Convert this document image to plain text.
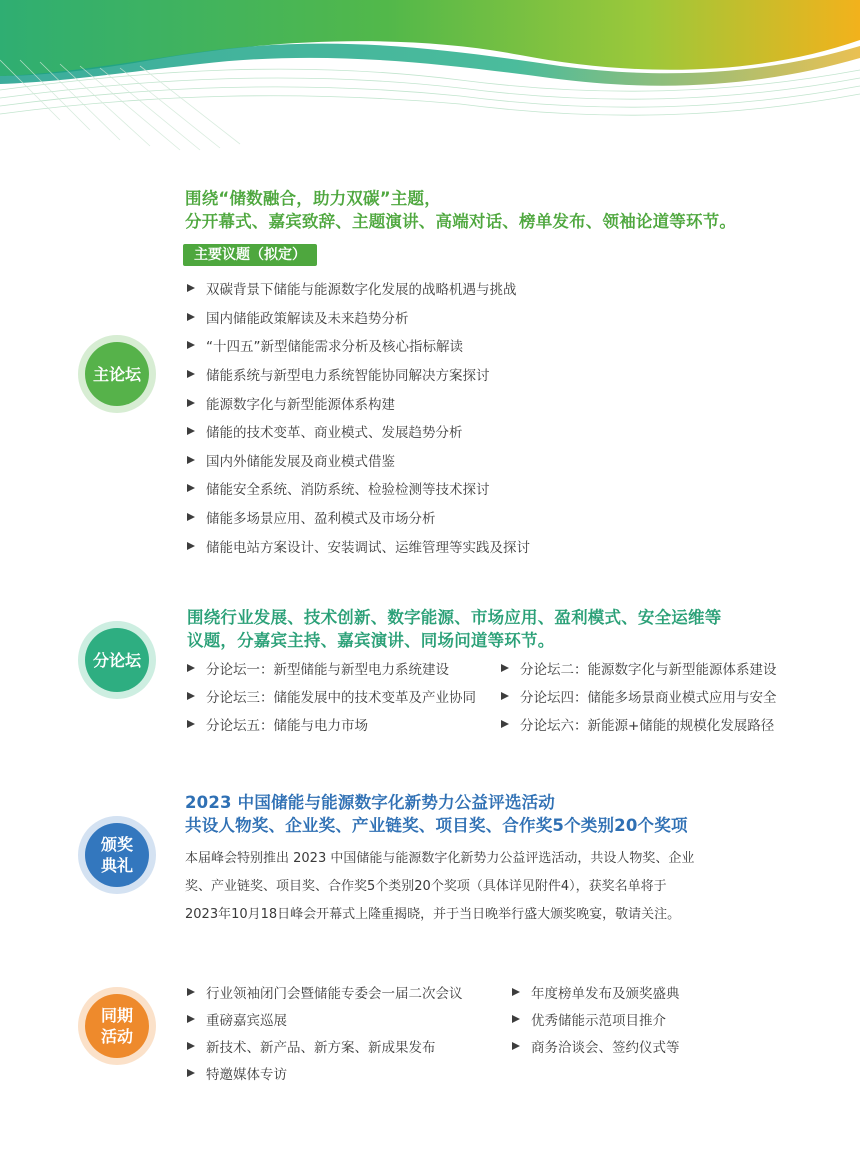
主论坛
围绕“储数融合，助力双碳”主题，
分开幕式、嘉宾致辞、主题演讲、高端对话、榜单发布、领袖论道等环节。
主要议题（拟定）
双碳背景下储能与能源数字化发展的战略机遇与挑战
国内储能政策解读及未来趋势分析
“十四五”新型储能需求分析及核心指标解读
储能系统与新型电力系统智能协同解决方案探讨
能源数字化与新型能源体系构建
储能的技术变革、商业模式、发展趋势分析
国内外储能发展及商业模式借鉴
储能安全系统、消防系统、检验检测等技术探讨
储能多场景应用、盈利模式及市场分析
储能电站方案设计、安装调试、运维管理等实践及探讨
分论坛
围绕行业发展、技术创新、数字能源、市场应用、盈利模式、安全运维等
议题，分嘉宾主持、嘉宾演讲、同场问道等环节。
分论坛一：新型储能与新型电力系统建设
分论坛三：储能发展中的技术变革及产业协同
分论坛五：储能与电力市场
分论坛二：能源数字化与新型能源体系建设
分论坛四：储能多场景商业模式应用与安全
分论坛六：新能源+储能的规模化发展路径
颁奖
典礼
2023 中国储能与能源数字化新势力公益评选活动
共设人物奖、企业奖、产业链奖、项目奖、合作奖5个类别20个奖项
本届峰会特别推出 2023 中国储能与能源数字化新势力公益评选活动，共设人物奖、企业
奖、产业链奖、项目奖、合作奖5个类别20个奖项（具体详见附件4），获奖名单将于
2023年10月18日峰会开幕式上隆重揭晓，并于当日晚举行盛大颁奖晚宴，敬请关注。
同期
活动
行业领袖闭门会暨储能专委会一届二次会议
重磅嘉宾巡展
新技术、新产品、新方案、新成果发布
特邀媒体专访
年度榜单发布及颁奖盛典
优秀储能示范项目推介
商务洽谈会、签约仪式等
